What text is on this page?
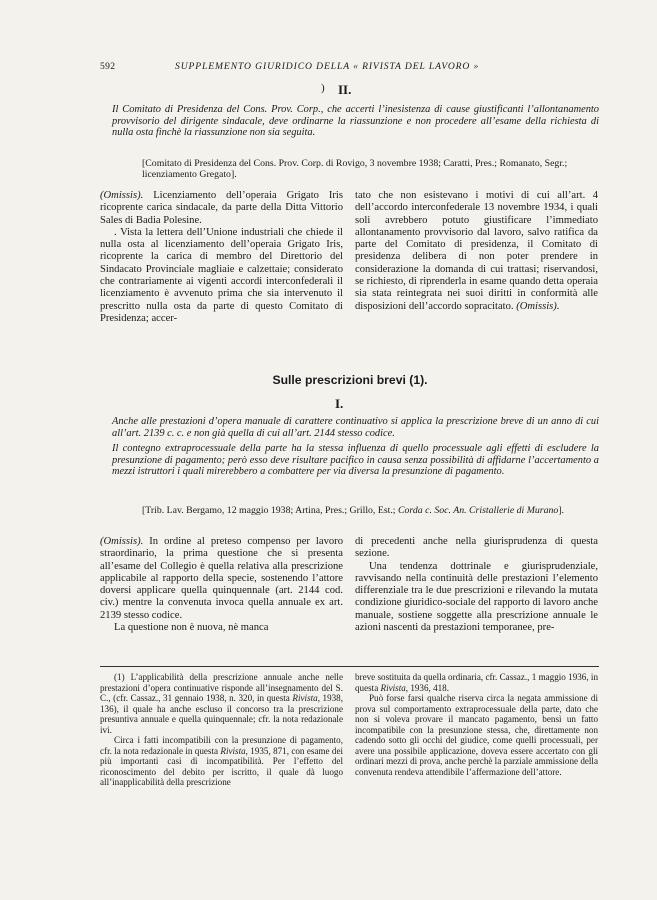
592	SUPPLEMENTO GIURIDICO DELLA « RIVISTA DEL LAVORO »
) II.
Il Comitato di Presidenza del Cons. Prov. Corp., che accerti l’inesistenza di cause giustificanti l’allontanamento provvisorio del dirigente sindacale, deve ordinarne la riassunzione e non procedere all’esame della richiesta di nulla osta finchè la riassunzione non sia seguita.
[Comitato di Presidenza del Cons. Prov. Corp. di Rovigo, 3 novembre 1938; Caratti, Pres.; Romanato, Segr.; licenziamento Gregato].

(Omissis). Licenziamento dell’operaia Grigato Iris ricoprente carica sindacale, da parte della Ditta Vittorio Sales di Badia Polesine.

. Vista la lettera dell’Unione industriali che chiede il nulla osta al licenziamento dell’operaia Grigato Iris, ricoprente la carica di membro del Direttorio del Sindacato Provinciale magliaie e calzettaie; considerato che contrariamente ai vigenti accordi interconfederali il licenziamento è avvenuto prima che sia intervenuto il prescritto nulla osta da parte di questo Comitato di Presidenza; accer-

tato che non esistevano i motivi di cui all’art. 4 dell’accordo interconfederale 13 novembre 1934, i quali soli avrebbero potuto giustificare l’immediato allontanamento provvisorio dal lavoro, salvo ratifica da parte del Comitato di presidenza, il Comitato di presidenza delibera di non poter prendere in considerazione la domanda di cui trattasi; riservandosi, se richiesto, di riprenderla in esame quando detta operaia sia stata reintegrata nei suoi diritti in conformità alle disposizioni dell’accordo sopracitato. (Omissis).

Sulle prescrizioni brevi (1).
I.
Anche alle prestazioni d’opera manuale di carattere continuativo si applica la prescrizione breve di un anno di cui all’art. 2139 c. c. e non già quella di cui all’art. 2144 stesso codice.
Il contegno extraprocessuale della parte ha la stessa influenza di quello processuale agli effetti di escludere la presunzione di pagamento; però esso deve risultare pacifico in causa senza possibilità di affidarne l’accertamento a mezzi istruttori i quali mirerebbero a combattere per via diversa la presunzione di pagamento.
[Trib. Lav. Bergamo, 12 maggio 1938; Artina, Pres.; Grillo, Est.; Corda c. Soc. An. Cristallerie di Murano].

(Omissis). In ordine al preteso compenso per lavoro straordinario, la prima questione che si presenta all’esame del Collegio è quella relativa alla prescrizione applicabile al rapporto della specie, sostenendo l’attore doversi applicare quella quinquennale (art. 2144 cod. civ.) mentre la convenuta invoca quella annuale ex art. 2139 stesso codice.

La questione non è nuova, nè manca

di precedenti anche nella giurisprudenza di questa sezione.

Una tendenza dottrinale e giurisprudenziale, ravvisando nella continuità delle prestazioni l’elemento differenziale tra le due prescrizioni e rilevando la mutata condizione giuridico-sociale del rapporto di lavoro anche manuale, sostiene soggette alla prescrizione annuale le azioni nascenti da prestazioni temporanee, pre-

(1) L’applicabilità della prescrizione annuale anche nelle prestazioni d’opera continuative risponde all’insegnamento del S. C., (cfr. Cassaz., 31 gennaio 1938, n. 320, in questa Rivista, 1938, 136), il quale ha anche escluso il concorso tra la prescrizione presuntiva annuale e quella quinquennale; cfr. la nota redazionale ivi.

Circa i fatti incompatibili con la presunzione di pagamento, cfr. la nota redazionale in questa Rivista, 1935, 871, con esame dei più importanti casi di incompatibilità. Per l’effetto del riconoscimento del debito per iscritto, il quale dà luogo all’inapplicabilità della prescrizione

breve sostituita da quella ordinaria, cfr. Cassaz., 1 maggio 1936, in questa Rivista, 1936, 418.

Può forse farsi qualche riserva circa la negata ammissione di prova sul comportamento extraprocessuale della parte, dato che non si voleva provare il mancato pagamento, bensì un fatto incompatibile con la presunzione stessa, che, direttamente non cadendo sotto gli occhi del giudice, come quelli processuali, per avere una possibile applicazione, doveva essere accertato con gli ordinari mezzi di prova, anche perchè la parziale ammissione della convenuta rendeva attendibile l’affermazione dell’attore.
